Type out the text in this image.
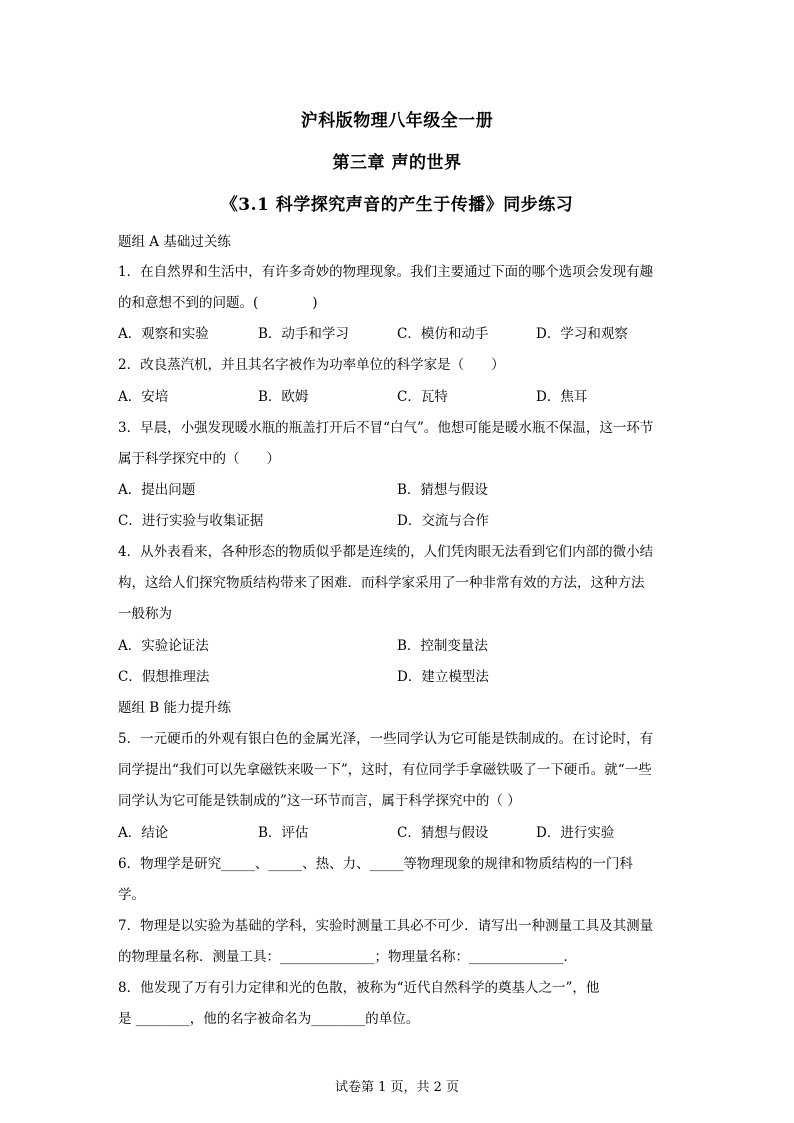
沪科版物理八年级全一册
第三章 声的世界
《3.1 科学探究声音的产生于传播》同步练习
题组 A 基础过关练
1．在自然界和生活中，有许多奇妙的物理现象。我们主要通过下面的哪个选项会发现有趣
的和意想不到的问题。(　　　　)
A．观察和实验	B．动手和学习	C．模仿和动手	D．学习和观察
2．改良蒸汽机，并且其名字被作为功率单位的科学家是（　　）
A．安培	B．欧姆	C．瓦特	D．焦耳
3．早晨，小强发现暖水瓶的瓶盖打开后不冒“白气”。他想可能是暖水瓶不保温，这一环节
属于科学探究中的（　　）
A．提出问题	B．猜想与假设
C．进行实验与收集证据	D．交流与合作
4．从外表看来，各种形态的物质似乎都是连续的，人们凭肉眼无法看到它们内部的微小结
构，这给人们探究物质结构带来了困难．而科学家采用了一种非常有效的方法，这种方法
一般称为
A．实验论证法	B．控制变量法
C．假想推理法	D．建立模型法
题组 B 能力提升练
5．一元硬币的外观有银白色的金属光泽，一些同学认为它可能是铁制成的。在讨论时，有
同学提出“我们可以先拿磁铁来吸一下”，这时，有位同学手拿磁铁吸了一下硬币。就“一些
同学认为它可能是铁制成的”这一环节而言，属于科学探究中的（ ）
A．结论	B．评估	C．猜想与假设	D．进行实验
6．物理学是研究_____、_____、热、力、_____等物理现象的规律和物质结构的一门科
学。
7．物理是以实验为基础的学科，实验时测量工具必不可少．请写出一种测量工具及其测量
的物理量名称．测量工具：______________；物理量名称：______________．
8．他发现了万有引力定律和光的色散，被称为“近代自然科学的奠基人之一”，他
是 ________，他的名字被命名为________的单位。
试卷第 1 页，共 2 页
